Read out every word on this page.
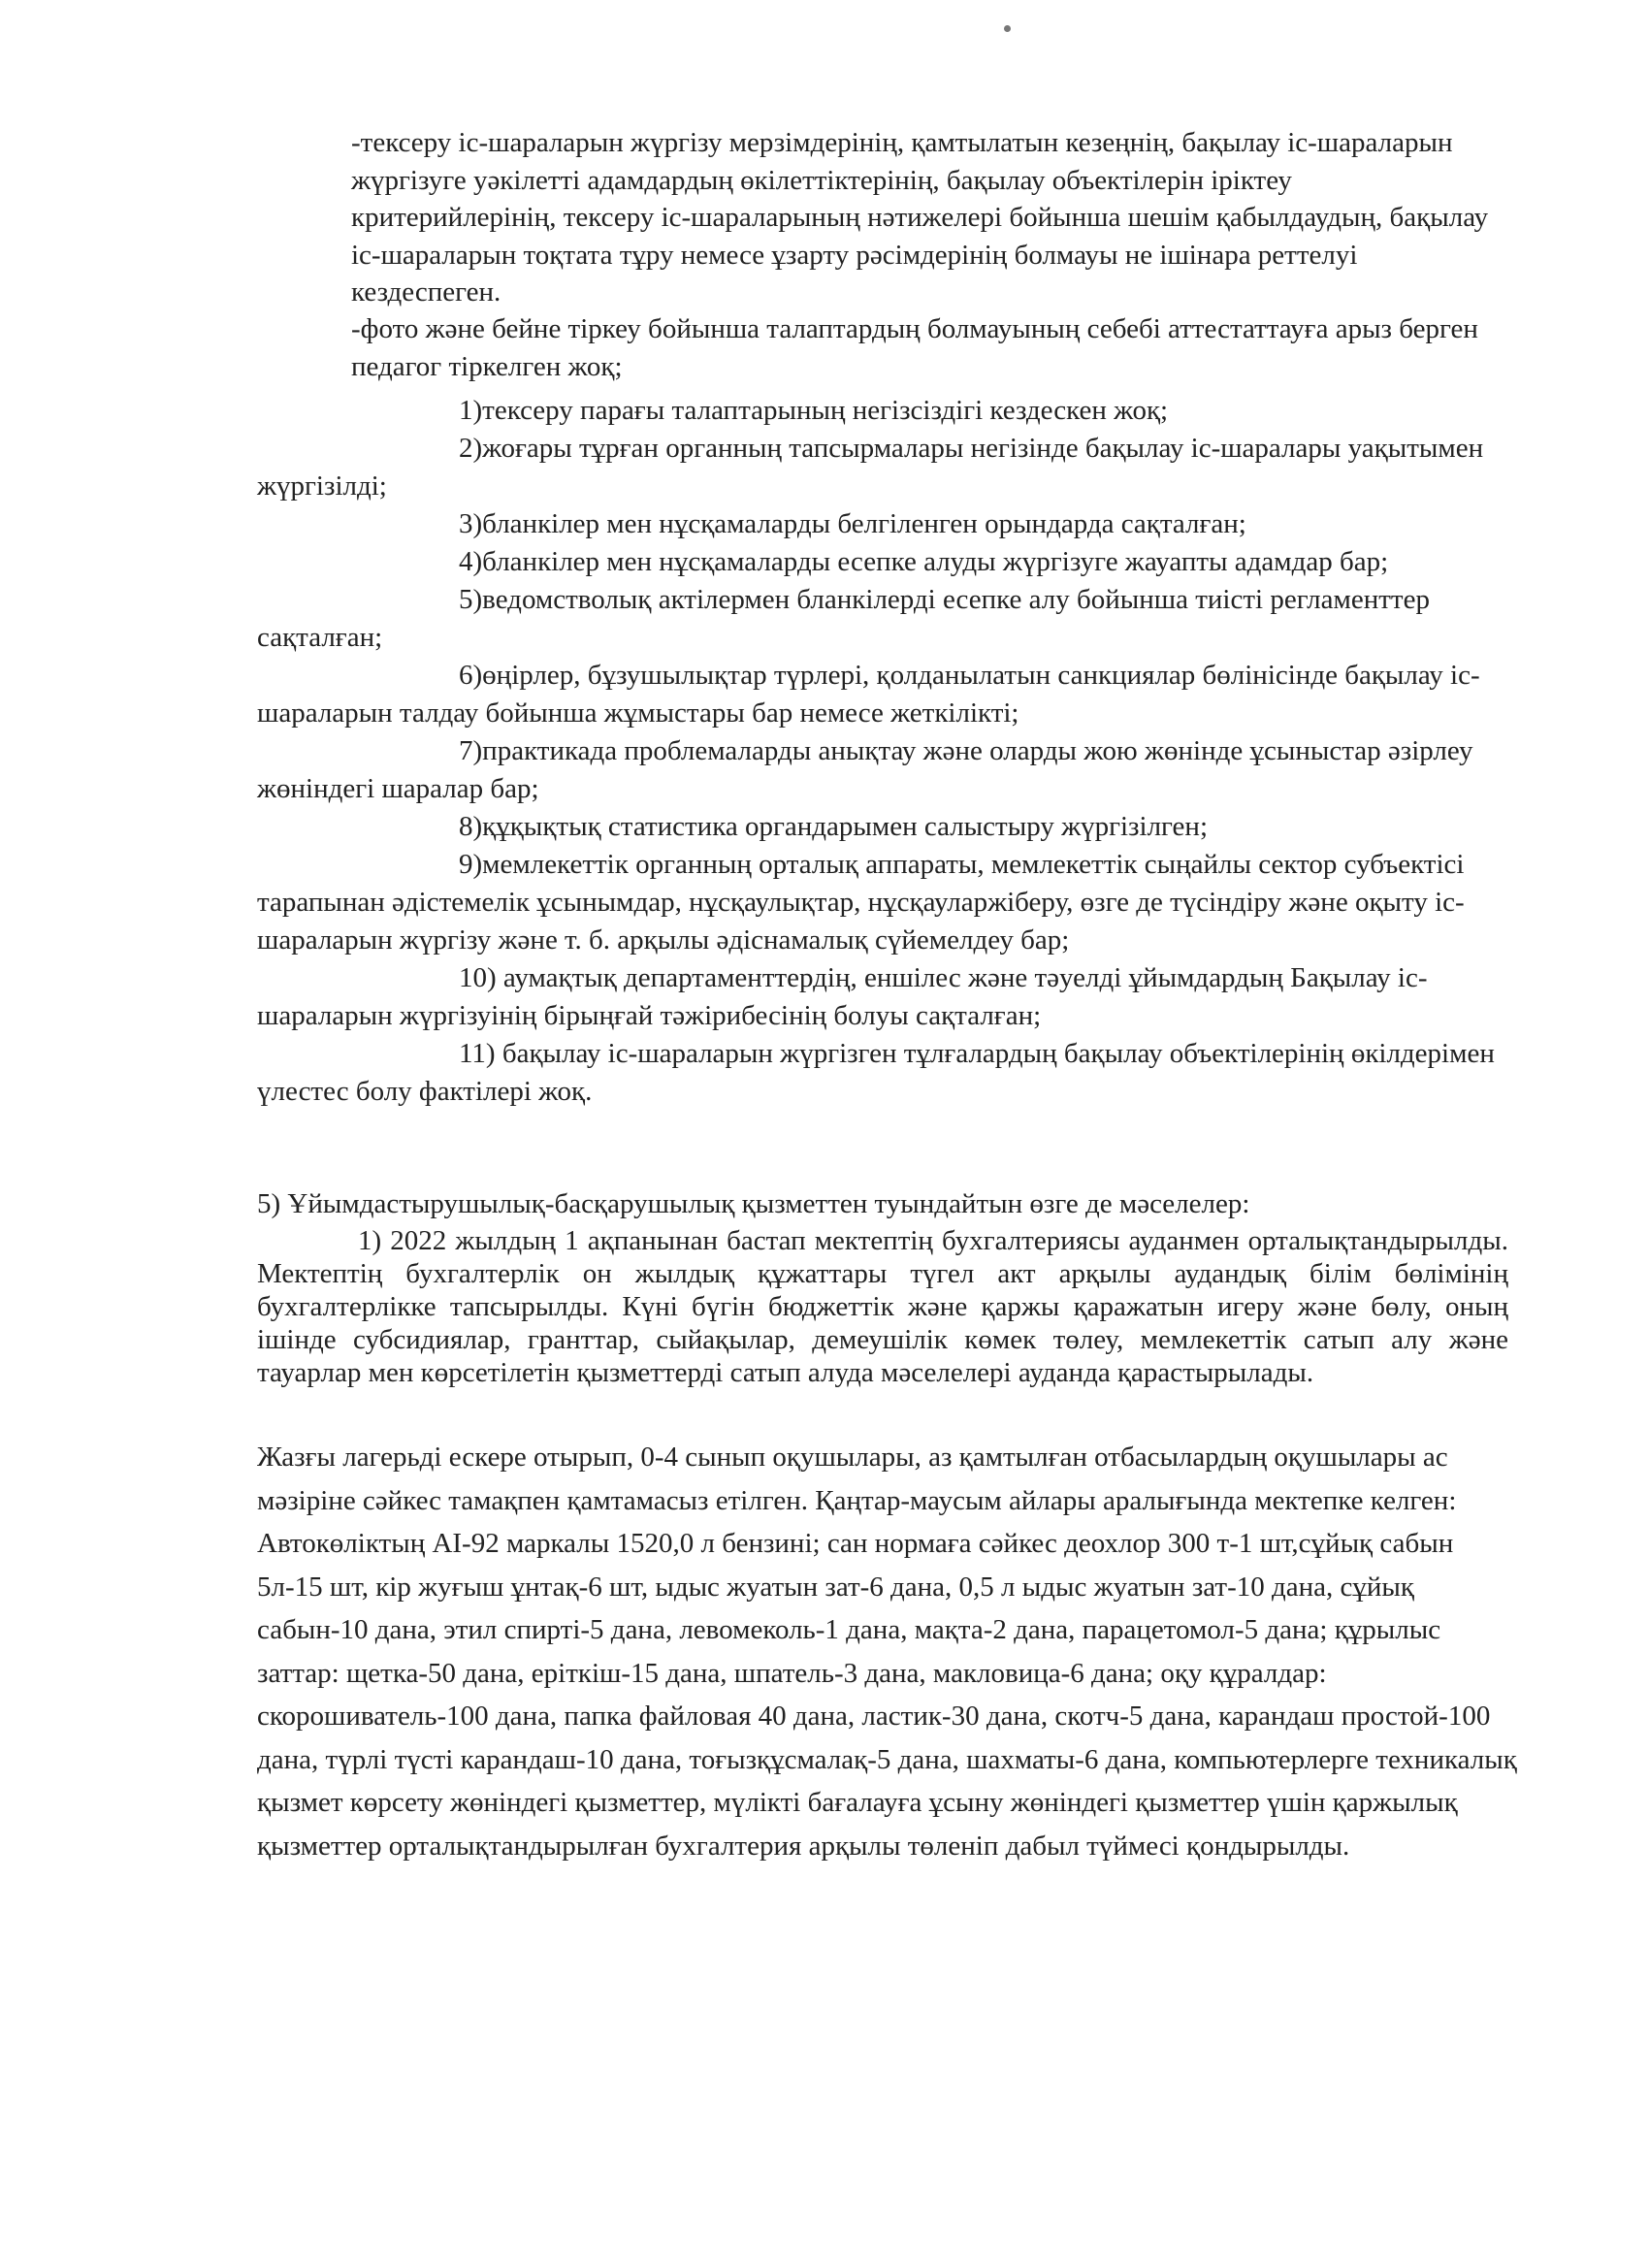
-тексеру іс-шараларын жүргізу мерзімдерінің, қамтылатын кезеңнің, бақылау іс-шараларын жүргізуге уәкілетті адамдардың өкілеттіктерінің, бақылау объектілерін іріктеу критерийлерінің, тексеру іс-шараларының нәтижелері бойынша шешім қабылдаудың, бақылау іс-шараларын тоқтата тұру немесе ұзарту рәсімдерінің болмауы не ішінара реттелуі кездеспеген.

-фото және бейне тіркеу бойынша талаптардың болмауының себебі аттестаттауға арыз берген педагог тіркелген жоқ;

1)тексеру парағы талаптарының негізсіздігі кездескен жоқ;
2)жоғары тұрған органның тапсырмалары негізінде бақылау іс-шаралары уақытымен жүргізілді;
3)бланкілер мен нұсқамаларды белгіленген орындарда сақталған;
4)бланкілер мен нұсқамаларды есепке алуды жүргізуге жауапты адамдар бар;
5)ведомстволық актілермен бланкілерді есепке алу бойынша тиісті регламенттер сақталған;
6)өңірлер, бұзушылықтар түрлері, қолданылатын санкциялар бөлінісінде бақылау іс-шараларын талдау бойынша жұмыстары бар немесе жеткілікті;
7)практикада проблемаларды анықтау және оларды жою жөнінде ұсыныстар әзірлеу жөніндегі шаралар бар;
8)құқықтық статистика органдарымен салыстыру жүргізілген;
9)мемлекеттік органның орталық аппараты, мемлекеттік сыңайлы сектор субъектісі тарапынан әдістемелік ұсынымдар, нұсқаулықтар, нұсқауларжіберу, өзге де түсіндіру және оқыту іс-шараларын жүргізу және т. б. арқылы әдіснамалық сүйемелдеу бар;
10) аумақтық департаменттердің, еншілес және тәуелді ұйымдардың Бақылау іс-шараларын жүргізуінің бірыңғай тәжірибесінің болуы сақталған;
11) бақылау іс-шараларын жүргізген тұлғалардың бақылау объектілерінің өкілдерімен үлестес болу фактілері жоқ.

5) Ұйымдастырушылық-басқарушылық қызметтен туындайтын өзге де мәселелер:

1) 2022 жылдың 1 ақпанынан бастап мектептің бухгалтериясы ауданмен орталықтандырылды. Мектептің бухгалтерлік он жылдық құжаттары түгел акт арқылы аудандық білім бөлімінің бухгалтерлікке тапсырылды. Күні бүгін бюджеттік және қаржы қаражатын игеру және бөлу, оның ішінде субсидиялар, гранттар, сыйақылар, демеушілік көмек төлеу, мемлекеттік сатып алу және тауарлар мен көрсетілетін қызметтерді сатып алуда мәселелері ауданда қарастырылады.

Жазғы лагерьді ескере отырып, 0-4 сынып оқушылары, аз қамтылған отбасылардың оқушылары ас мәзіріне сәйкес тамақпен қамтамасыз етілген. Қаңтар-маусым айлары аралығында мектепке келген: Автокөліктың АІ-92 маркалы 1520,0 л бензині; сан нормаға сәйкес деохлор 300 т-1 шт,сұйық сабын 5л-15 шт, кір жуғыш ұнтақ-6 шт, ыдыс жуатын зат-6 дана, 0,5 л ыдыс жуатын зат-10 дана, сұйық сабын-10 дана, этил спирті-5 дана, левомеколь-1 дана, мақта-2 дана, парацетомол-5 дана; құрылыс заттар: щетка-50 дана, еріткіш-15 дана, шпатель-3 дана, макловица-6 дана; оқу құралдар: скорошиватель-100 дана, папка файловая 40 дана, ластик-30 дана, скотч-5 дана, карандаш простой-100 дана, түрлі түсті карандаш-10 дана, тоғызқұсмалақ-5 дана, шахматы-6 дана, компьютерлерге техникалық қызмет көрсету жөніндегі қызметтер, мүлікті бағалауға ұсыну жөніндегі қызметтер үшін қаржылық қызметтер орталықтандырылған бухгалтерия арқылы төленіп дабыл түймесі қондырылды.
